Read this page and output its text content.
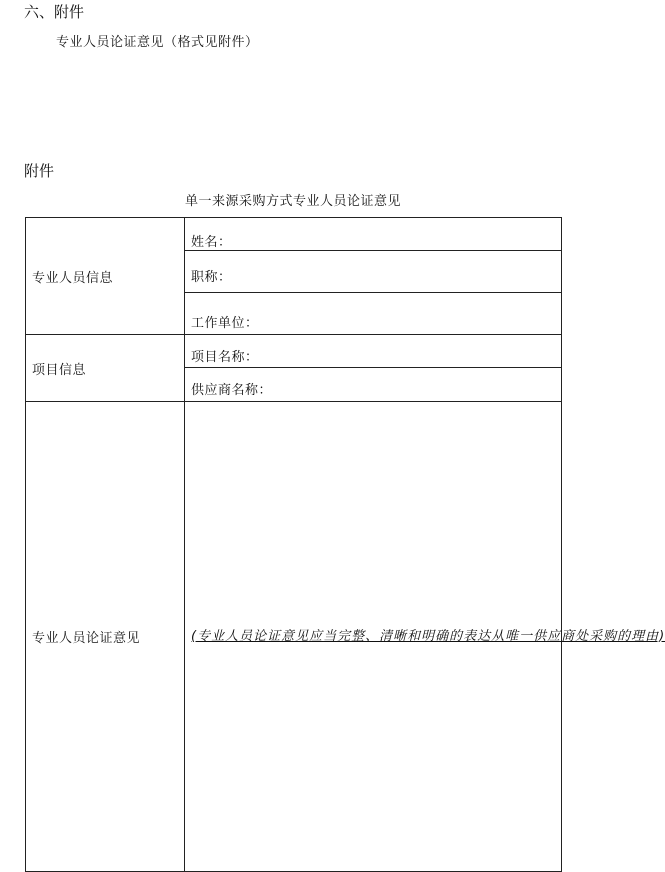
六、附件
专业人员论证意见（格式见附件）
附件
单一来源采购方式专业人员论证意见
专业人员信息	姓名：

	职称：

	工作单位：

项目信息	项目名称：

	供应商名称：

专业人员论证意见	(专业人员论证意见应当完整、清晰和明确的表达从唯一供应商处采购的理由)
